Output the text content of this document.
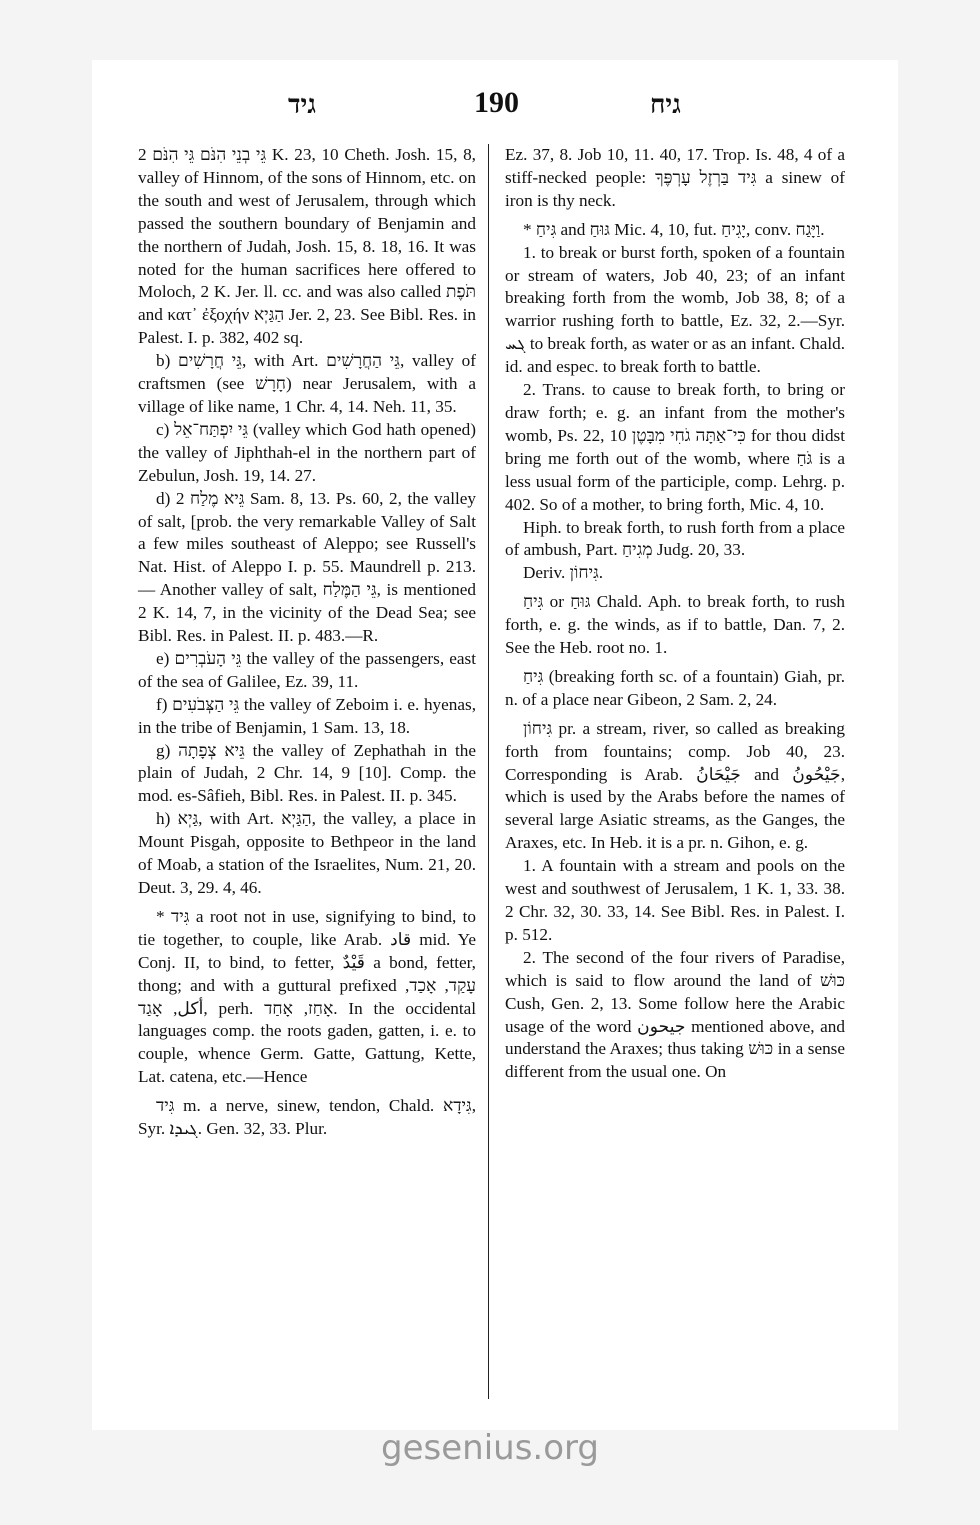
גיד	190	גיח

גֵּי בְנֵי הִנֹּם גֵּי הִנֹּם 2 K. 23, 10 Cheth. Josh. 15, 8, valley of Hinnom, of the sons of Hinnom, etc. on the south and west of Jerusalem, through which passed the southern boundary of Benjamin and the northern of Judah, Josh. 15, 8. 18, 16. It was noted for the human sacrifices here offered to Moloch, 2 K. Jer. ll. cc. and was also called תֹּפֶת and κατ᾽ ἐξοχήν הַגַּיְא Jer. 2, 23. See Bibl. Res. in Palest. I. p. 382, 402 sq.

b) גֵּי חֲרָשִׁים, with Art. גֵּי הַחֲרָשִׁים, valley of craftsmen (see חָרָשׁ) near Jerusalem, with a village of like name, 1 Chr. 4, 14. Neh. 11, 35.

c) גֵּי יִפְתַּח־אֵל (valley which God hath opened) the valley of Jiphthah-el in the northern part of Zebulun, Josh. 19, 14. 27.

d) גֵּיא מֶלַח 2 Sam. 8, 13. Ps. 60, 2, the valley of salt, [prob. the very remarkable Valley of Salt a few miles southeast of Aleppo; see Russell's Nat. Hist. of Aleppo I. p. 55. Maundrell p. 213.— Another valley of salt, גֵּי הַמֶּלַח, is mentioned 2 K. 14, 7, in the vicinity of the Dead Sea; see Bibl. Res. in Palest. II. p. 483.—R.

e) גֵּי הָעֹבְרִים the valley of the passengers, east of the sea of Galilee, Ez. 39, 11.

f) גֵּי הַצְּבֹעִים the valley of Zeboim i. e. hyenas, in the tribe of Benjamin, 1 Sam. 13, 18.

g) גֵּיא צְפָתָה the valley of Zephathah in the plain of Judah, 2 Chr. 14, 9 [10]. Comp. the mod. es-Sâfieh, Bibl. Res. in Palest. II. p. 345.

h) גַּיְא, with Art. הַגַּיְא, the valley, a place in Mount Pisgah, opposite to Bethpeor in the land of Moab, a station of the Israelites, Num. 21, 20. Deut. 3, 29. 4, 46.

* גִּיד a root not in use, signifying to bind, to tie together, to couple, like Arab. قاد mid. Ye Conj. II, to bind, to fetter, قَيْدٌ a bond, fetter, thong; and with a guttural prefixed עָקַד, אָכַד, أكل, אָגַד, perh. אָחַז, אָחַד. In the occidental languages comp. the roots gaden, gatten, i. e. to couple, whence Germ. Gatte, Gattung, Kette, Lat. catena, etc.—Hence

גִּיד m. a nerve, sinew, tendon, Chald. גִּידָא, Syr. ܓܝܕܐ. Gen. 32, 33. Plur.

Ez. 37, 8. Job 10, 11. 40, 17. Trop. Is. 48, 4 of a stiff-necked people: גִּיד בַּרְזֶל עָרְפֶּךָ a sinew of iron is thy neck.

* גִּיחַ and גּוּחַ Mic. 4, 10, fut. יָגִיחַ, conv. וַיָּגַח.

1. to break or burst forth, spoken of a fountain or stream of waters, Job 40, 23; of an infant breaking forth from the womb, Job 38, 8; of a warrior rushing forth to battle, Ez. 32, 2.—Syr. ܓܚ to break forth, as water or as an infant. Chald. id. and espec. to break forth to battle.

2. Trans. to cause to break forth, to bring or draw forth; e. g. an infant from the mother's womb, Ps. 22, 10 כִּי־אַתָּה גֹחִי מִבָּטֶן for thou didst bring me forth out of the womb, where גֹּחַ is a less usual form of the participle, comp. Lehrg. p. 402. So of a mother, to bring forth, Mic. 4, 10.

Hiph. to break forth, to rush forth from a place of ambush, Part. מְגִיחַ Judg. 20, 33.

Deriv. גִּיחוֹן.

גִּיחַ or גּוּחַ Chald. Aph. to break forth, to rush forth, e. g. the winds, as if to battle, Dan. 7, 2. See the Heb. root no. 1.

גִּיחַ (breaking forth sc. of a fountain) Giah, pr. n. of a place near Gibeon, 2 Sam. 2, 24.

גִּיחוֹן pr. a stream, river, so called as breaking forth from fountains; comp. Job 40, 23. Corresponding is Arab. جَيْحَانُ and جَيْحُونُ, which is used by the Arabs before the names of several large Asiatic streams, as the Ganges, the Araxes, etc. In Heb. it is a pr. n. Gihon, e. g.

1. A fountain with a stream and pools on the west and southwest of Jerusalem, 1 K. 1, 33. 38. 2 Chr. 32, 30. 33, 14. See Bibl. Res. in Palest. I. p. 512.

2. The second of the four rivers of Paradise, which is said to flow around the land of כּוּשׁ Cush, Gen. 2, 13. Some follow here the Arabic usage of the word جيحون mentioned above, and understand the Araxes; thus taking כּוּשׁ in a sense different from the usual one. On

gesenius.org
